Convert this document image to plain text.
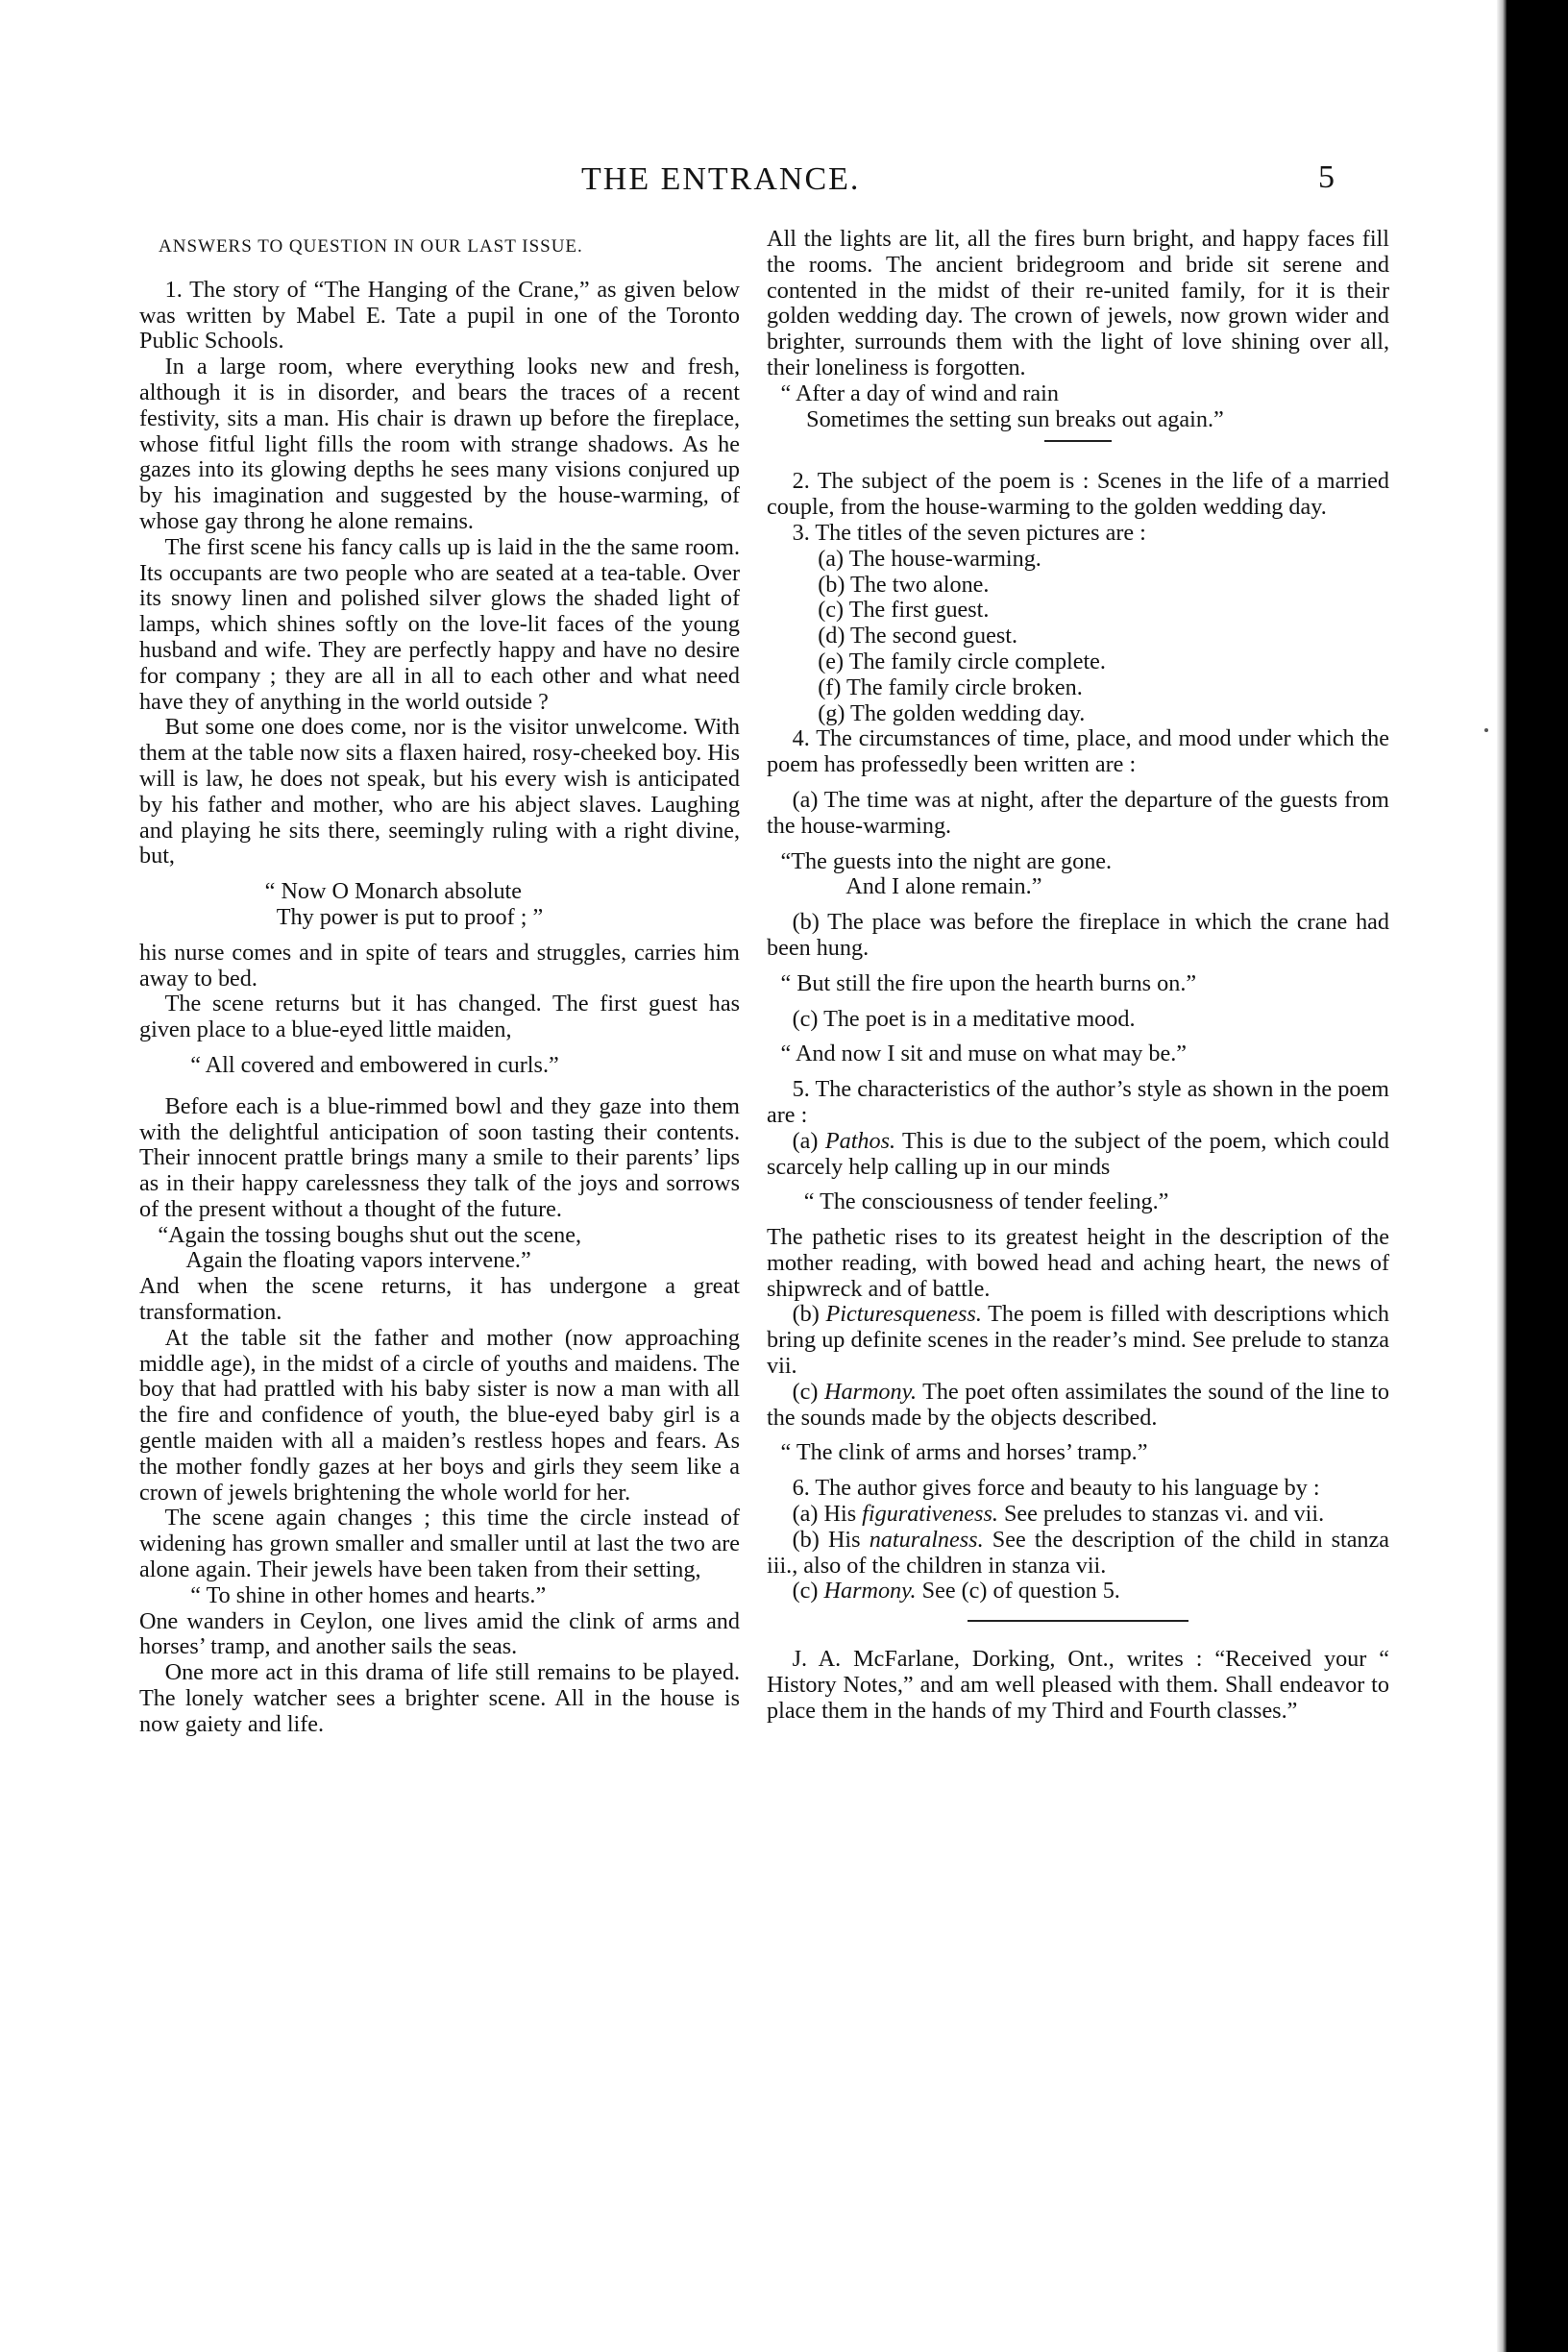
THE ENTRANCE.	5
ANSWERS TO QUESTION IN OUR LAST ISSUE.

1. The story of “The Hanging of the Crane,” as given below was written by Mabel E. Tate a pupil in one of the Toronto Public Schools.

In a large room, where everything looks new and fresh, although it is in disorder, and bears the traces of a recent festivity, sits a man. His chair is drawn up before the fireplace, whose fitful light fills the room with strange shadows. As he gazes into its glowing depths he sees many visions conjured up by his imagination and suggested by the house-warming, of whose gay throng he alone remains.

The first scene his fancy calls up is laid in the the same room. Its occupants are two people who are seated at a tea-table. Over its snowy linen and polished silver glows the shaded light of lamps, which shines softly on the love-lit faces of the young husband and wife. They are perfectly happy and have no desire for company ; they are all in all to each other and what need have they of anything in the world outside ?

But some one does come, nor is the visitor unwelcome. With them at the table now sits a flaxen haired, rosy-cheeked boy. His will is law, he does not speak, but his every wish is anticipated by his father and mother, who are his abject slaves. Laughing and playing he sits there, seemingly ruling with a right divine, but,

“ Now O Monarch absolute

Thy power is put to proof ; ”

his nurse comes and in spite of tears and struggles, carries him away to bed.

The scene returns but it has changed. The first guest has given place to a blue-eyed little maiden,

“ All covered and embowered in curls.”

Before each is a blue-rimmed bowl and they gaze into them with the delightful anticipation of soon tasting their contents. Their innocent prattle brings many a smile to their parents’ lips as in their happy carelessness they talk of the joys and sorrows of the present without a thought of the future.

“Again the tossing boughs shut out the scene,

Again the floating vapors intervene.”

And when the scene returns, it has undergone a great transformation.

At the table sit the father and mother (now approaching middle age), in the midst of a circle of youths and maidens. The boy that had prattled with his baby sister is now a man with all the fire and confidence of youth, the blue-eyed baby girl is a gentle maiden with all a maiden’s restless hopes and fears. As the mother fondly gazes at her boys and girls they seem like a crown of jewels brightening the whole world for her.

The scene again changes ; this time the circle instead of widening has grown smaller and smaller until at last the two are alone again. Their jewels have been taken from their setting,

“ To shine in other homes and hearts.”

One wanders in Ceylon, one lives amid the clink of arms and horses’ tramp, and another sails the seas.

One more act in this drama of life still remains to be played. The lonely watcher sees a brighter scene. All in the house is now gaiety and life.

All the lights are lit, all the fires burn bright, and happy faces fill the rooms. The ancient bridegroom and bride sit serene and contented in the midst of their re-united family, for it is their golden wedding day. The crown of jewels, now grown wider and brighter, surrounds them with the light of love shining over all, their loneliness is forgotten.

“ After a day of wind and rain

Sometimes the setting sun breaks out again.”

2. The subject of the poem is : Scenes in the life of a married couple, from the house-warming to the golden wedding day.

3. The titles of the seven pictures are :

(a) The house-warming.

(b) The two alone.

(c) The first guest.

(d) The second guest.

(e) The family circle complete.

(f) The family circle broken.

(g) The golden wedding day.

4. The circumstances of time, place, and mood under which the poem has professedly been written are :

(a) The time was at night, after the departure of the guests from the house-warming.

“The guests into the night are gone.

And I alone remain.”

(b) The place was before the fireplace in which the crane had been hung.

“ But still the fire upon the hearth burns on.”

(c) The poet is in a meditative mood.

“ And now I sit and muse on what may be.”

5. The characteristics of the author’s style as shown in the poem are :

(a) Pathos. This is due to the subject of the poem, which could scarcely help calling up in our minds

“ The consciousness of tender feeling.”

The pathetic rises to its greatest height in the description of the mother reading, with bowed head and aching heart, the news of shipwreck and of battle.

(b) Picturesqueness. The poem is filled with descriptions which bring up definite scenes in the reader’s mind. See prelude to stanza vii.

(c) Harmony. The poet often assimilates the sound of the line to the sounds made by the objects described.

“ The clink of arms and horses’ tramp.”

6. The author gives force and beauty to his language by :

(a) His figurativeness. See preludes to stanzas vi. and vii.

(b) His naturalness. See the description of the child in stanza iii., also of the children in stanza vii.

(c) Harmony. See (c) of question 5.

J. A. McFarlane, Dorking, Ont., writes : “Received your “ History Notes,” and am well pleased with them. Shall endeavor to place them in the hands of my Third and Fourth classes.”
